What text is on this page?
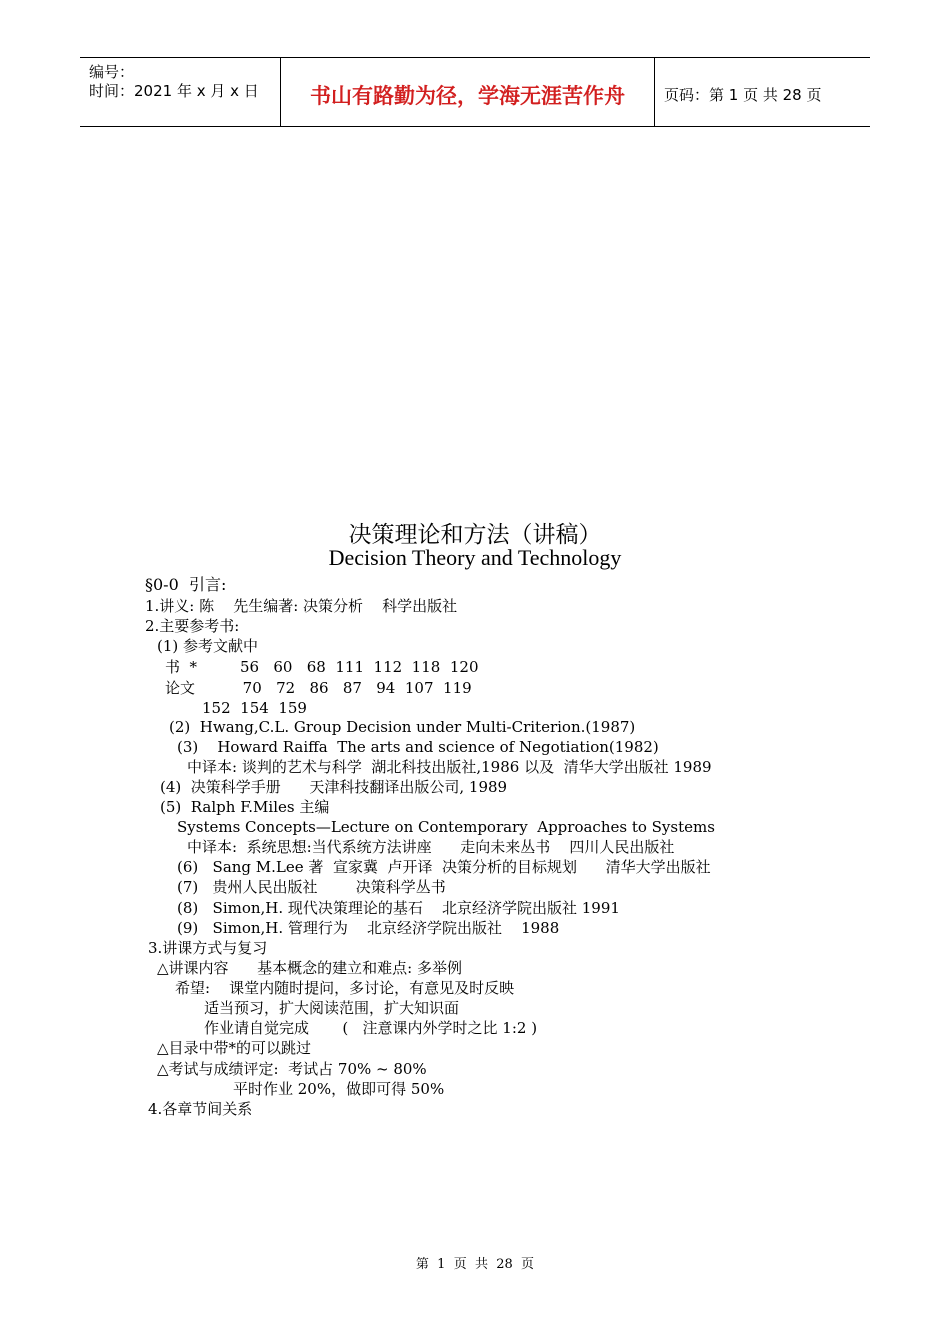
编号：
时间：2021 年 x 月 x 日	书山有路勤为径，学海无涯苦作舟	页码：第 1 页 共 28 页
决策理论和方法（讲稿）
Decision Theory and Technology
§0-0  引言:
1.讲义: 陈    先生编著: 决策分析    科学出版社
2.主要参考书:
(1) 参考文献中
书  *         56   60   68  111  112  118  120
论文          70   72   86   87   94  107  119
152  154  159
(2)  Hwang,C.L. Group Decision under Multi-Criterion.(1987)
(3)    Howard Raiffa  The arts and science of Negotiation(1982)
中译本: 谈判的艺术与科学  湖北科技出版社,1986 以及  清华大学出版社 1989
(4)  决策科学手册      天津科技翻译出版公司, 1989
(5)  Ralph F.Miles 主编
Systems Concepts—Lecture on Contemporary  Approaches to Systems
中译本:  系统思想:当代系统方法讲座      走向未来丛书    四川人民出版社
(6)   Sang M.Lee 著  宣家冀  卢开译  决策分析的目标规划      清华大学出版社
(7)   贵州人民出版社        决策科学丛书
(8)   Simon,H. 现代决策理论的基石    北京经济学院出版社 1991
(9)   Simon,H. 管理行为    北京经济学院出版社    1988
3.讲课方式与复习
△讲课内容      基本概念的建立和难点: 多举例
希望:    课堂内随时提问，多讨论，有意见及时反映
适当预习，扩大阅读范围，扩大知识面
作业请自觉完成       (   注意课内外学时之比 1:2 )
△目录中带*的可以跳过
△考试与成绩评定:  考试占 70% ~ 80%
平时作业 20%，做即可得 50%
4.各章节间关系
第  1  页  共  28  页
